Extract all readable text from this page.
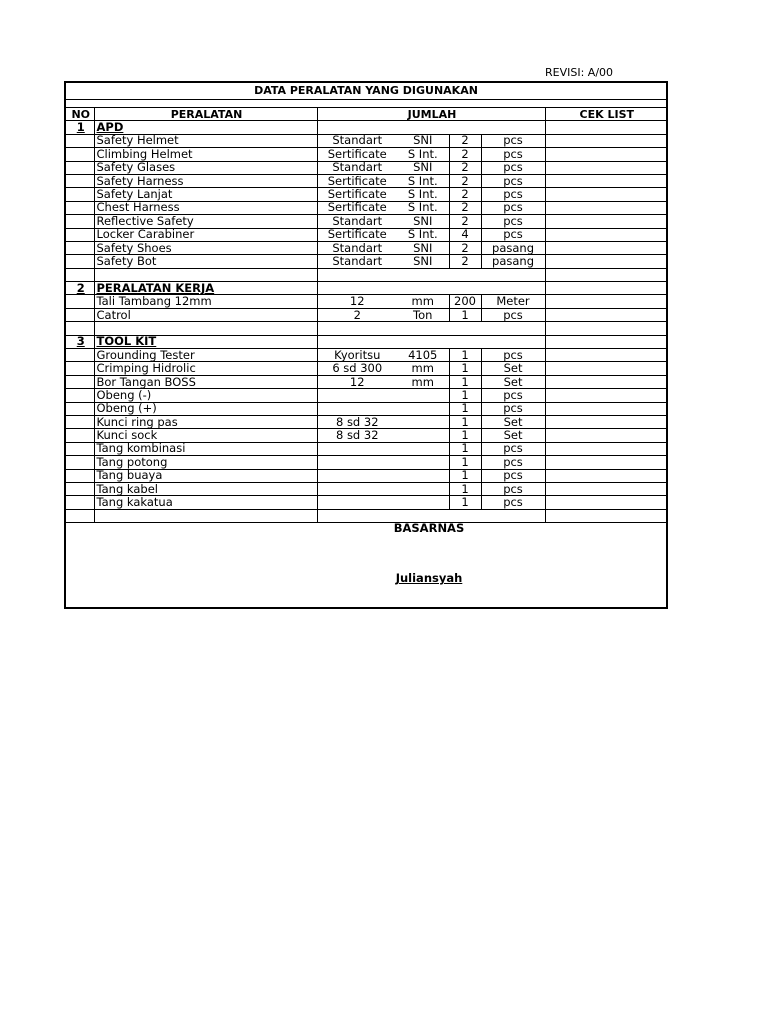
REVISI: A/00
DATA PERALATAN YANG DIGUNAKAN
NO	PERALATAN	JUMLAH				CEK LIST
1	APD					
	Safety Helmet	Standart	SNI	2	pcs	
	Climbing Helmet	Sertificate	S Int.	2	pcs	
	Safety Glases	Standart	SNI	2	pcs	
	Safety Harness	Sertificate	S Int.	2	pcs	
	Safety Lanjat	Sertificate	S Int.	2	pcs	
	Chest Harness	Sertificate	S Int.	2	pcs	
	Reflective Safety	Standart	SNI	2	pcs	
	Locker Carabiner	Sertificate	S Int.	4	pcs	
	Safety Shoes	Standart	SNI	2	pasang	
	Safety Bot	Standart	SNI	2	pasang	

2	PERALATAN KERJA					
	Tali Tambang 12mm	12	mm	200	Meter	
	Catrol	2	Ton	1	pcs	

3	TOOL KIT					
	Grounding Tester	Kyoritsu	4105	1	pcs	
	Crimping Hidrolic	6 sd 300	mm	1	Set	
	Bor Tangan BOSS	12	mm	1	Set	
	Obeng (-)			1	pcs	
	Obeng (+)			1	pcs	
	Kunci ring pas	8 sd 32		1	Set	
	Kunci sock	8 sd 32		1	Set	
	Tang kombinasi			1	pcs	
	Tang potong			1	pcs	
	Tang buaya			1	pcs	
	Tang kabel			1	pcs	
	Tang kakatua			1	pcs	

BASARNAS
Juliansyah
